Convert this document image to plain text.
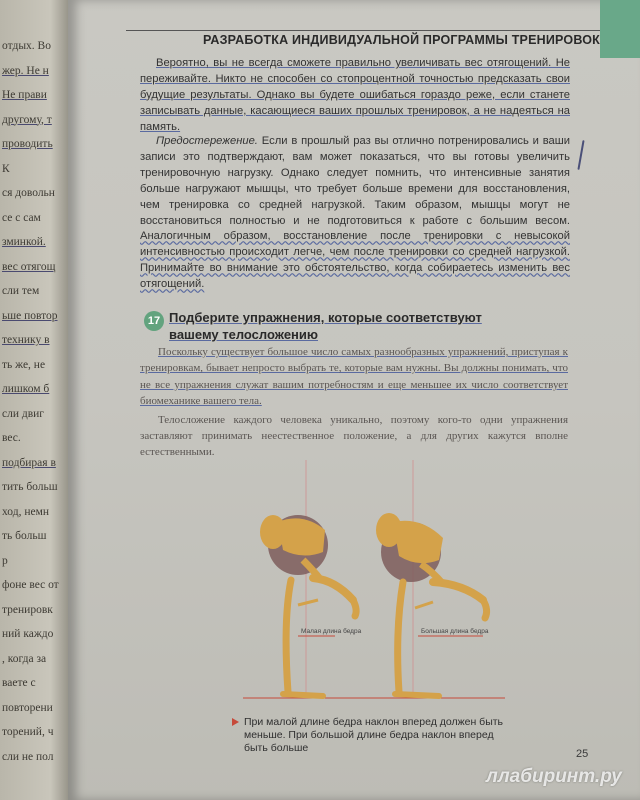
отдых. Во
жер. Не н
Не прави
другому, т
проводить
К
ся довольн
се с сам
зминкой.
вес отягощ
сли тем
ьше повтор
технику в
ть же, не
лишком б
сли двиг
вес.
подбирая в
тить больш
ход, немн
ть больш
р
фоне вес от
тренировк
ний каждо
, когда за
ваете с
повторени
торений, ч
сли не пол
РАЗРАБОТКА ИНДИВИДУАЛЬНОЙ ПРОГРАММЫ ТРЕНИРОВОК

Вероятно, вы не всегда сможете правильно увеличивать вес отягощений. Не переживайте. Никто не способен со стопроцентной точностью предсказать свои будущие результаты. Однако вы будете ошибаться гораздо реже, если станете записывать данные, касающиеся ваших прошлых тренировок, а не надеяться на память.

Предостережение. Если в прошлый раз вы отлично потренировались и ваши записи это подтверждают, вам может показаться, что вы готовы увеличить тренировочную нагрузку. Однако следует помнить, что интенсивные занятия больше нагружают мышцы, что требует больше времени для восстановления, чем тренировка со средней нагрузкой. Таким образом, мышцы могут не восстановиться полностью и не подготовиться к работе с большим весом. Аналогичным образом, восстановление после тренировки с невысокой интенсивностью происходит легче, чем после тренировки со средней нагрузкой. Принимайте во внимание это обстоятельство, когда собираетесь изменить вес отягощений.

17 Подберите упражнения, которые соответствуют вашему телосложению

Поскольку существует большое число самых разнообразных упражнений, приступая к тренировкам, бывает непросто выбрать те, которые вам нужны. Вы должны понимать, что не все упражнения служат вашим потребностям и еще меньшее их число соответствует биомеханике вашего тела.

Телосложение каждого человека уникально, поэтому кого-то одни упражнения заставляют принимать неестественное положение, а для других кажутся вполне естественными.

Малая длина бедра	Большая длина бедра
При малой длине бедра наклон вперед должен быть меньше. При большой длине бедра наклон вперед быть больше	25
ллабиринт.ру
